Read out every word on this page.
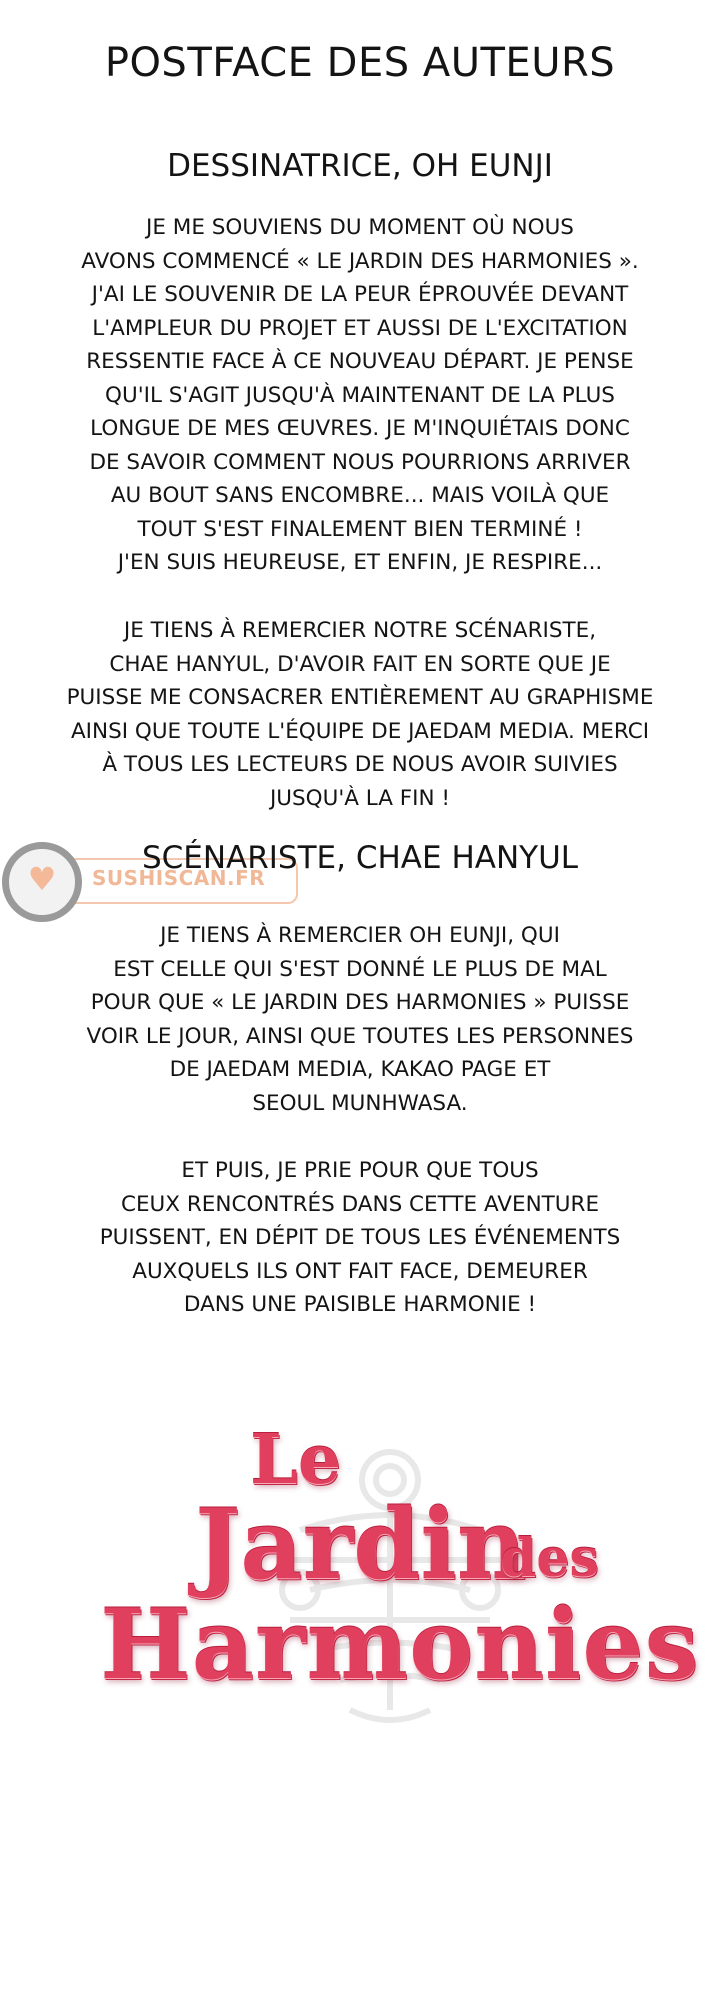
POSTFACE DES AUTEURS
DESSINATRICE, OH EUNJI
JE ME SOUVIENS DU MOMENT OÙ NOUS
AVONS COMMENCÉ « LE JARDIN DES HARMONIES ».
J'AI LE SOUVENIR DE LA PEUR ÉPROUVÉE DEVANT
L'AMPLEUR DU PROJET ET AUSSI DE L'EXCITATION
RESSENTIE FACE À CE NOUVEAU DÉPART. JE PENSE
QU'IL S'AGIT JUSQU'À MAINTENANT DE LA PLUS
LONGUE DE MES ŒUVRES. JE M'INQUIÉTAIS DONC
DE SAVOIR COMMENT NOUS POURRIONS ARRIVER
AU BOUT SANS ENCOMBRE... MAIS VOILÀ QUE
TOUT S'EST FINALEMENT BIEN TERMINÉ !
J'EN SUIS HEUREUSE, ET ENFIN, JE RESPIRE...
JE TIENS À REMERCIER NOTRE SCÉNARISTE,
CHAE HANYUL, D'AVOIR FAIT EN SORTE QUE JE
PUISSE ME CONSACRER ENTIÈREMENT AU GRAPHISME
AINSI QUE TOUTE L'ÉQUIPE DE JAEDAM MEDIA. MERCI
À TOUS LES LECTEURS DE NOUS AVOIR SUIVIES
JUSQU'À LA FIN !
♥ SUSHISCAN.FR
SCÉNARISTE, CHAE HANYUL
JE TIENS À REMERCIER OH EUNJI, QUI
EST CELLE QUI S'EST DONNÉ LE PLUS DE MAL
POUR QUE « LE JARDIN DES HARMONIES » PUISSE
VOIR LE JOUR, AINSI QUE TOUTES LES PERSONNES
DE JAEDAM MEDIA, KAKAO PAGE ET
SEOUL MUNHWASA.
ET PUIS, JE PRIE POUR QUE TOUS
CEUX RENCONTRÉS DANS CETTE AVENTURE
PUISSENT, EN DÉPIT DE TOUS LES ÉVÉNEMENTS
AUXQUELS ILS ONT FAIT FACE, DEMEURER
DANS UNE PAISIBLE HARMONIE !
Le
Jardin
des
Harmonies
